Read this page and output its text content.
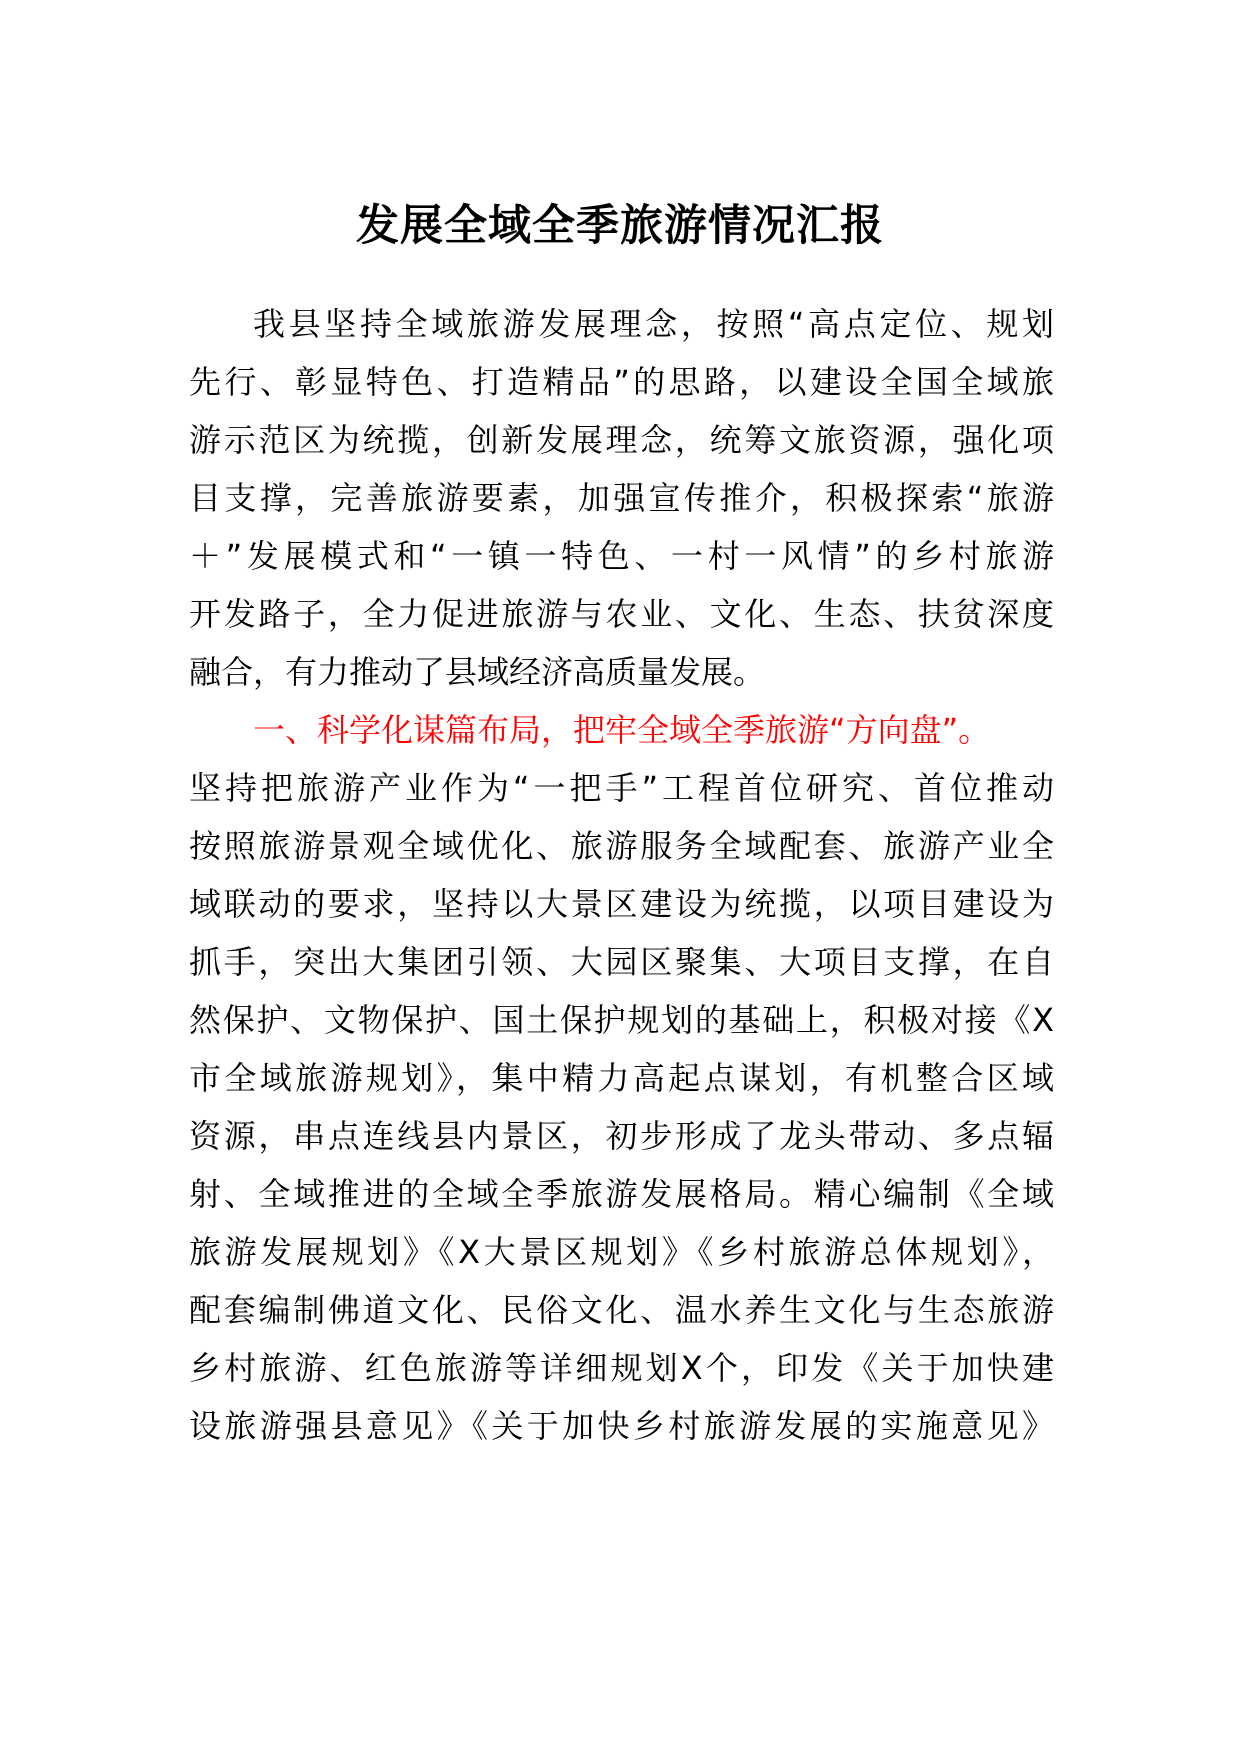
发展全域全季旅游情况汇报
我县坚持全域旅游发展理念，按照“高点定位、规划
先行、彰显特色、打造精品”的思路，以建设全国全域旅
游示范区为统揽，创新发展理念，统筹文旅资源，强化项
目支撑，完善旅游要素，加强宣传推介，积极探索“旅游
＋”发展模式和“一镇一特色、一村一风情”的乡村旅游
开发路子，全力促进旅游与农业、文化、生态、扶贫深度
融合，有力推动了县域经济高质量发展。
一、科学化谋篇布局，把牢全域全季旅游“方向盘”。
坚持把旅游产业作为“一把手”工程首位研究、首位推动
按照旅游景观全域优化、旅游服务全域配套、旅游产业全
域联动的要求，坚持以大景区建设为统揽，以项目建设为
抓手，突出大集团引领、大园区聚集、大项目支撑，在自
然保护、文物保护、国土保护规划的基础上，积极对接《X
市全域旅游规划》，集中精力高起点谋划，有机整合区域
资源，串点连线县内景区，初步形成了龙头带动、多点辐
射、全域推进的全域全季旅游发展格局。精心编制《全域
旅游发展规划》《X大景区规划》《乡村旅游总体规划》，
配套编制佛道文化、民俗文化、温水养生文化与生态旅游
乡村旅游、红色旅游等详细规划X个，印发《关于加快建
设旅游强县意见》《关于加快乡村旅游发展的实施意见》
